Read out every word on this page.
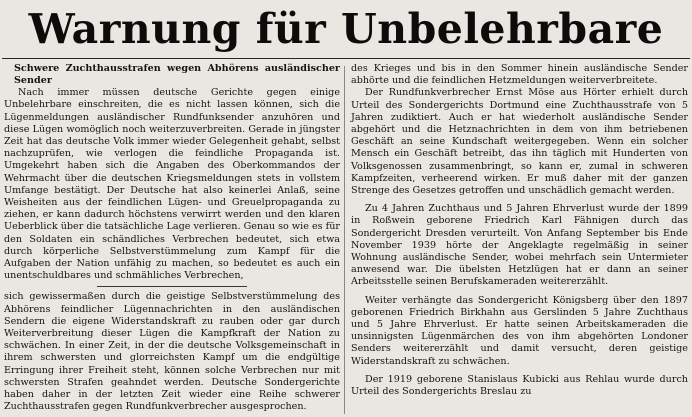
Warnung für Unbelehrbare
Schwere Zuchthausstrafen wegen Abhörens ausländischer Sender

Nach immer müssen deutsche Gerichte gegen einige Unbelehrbare einschreiten, die es nicht lassen können, sich die Lügenmeldungen ausländischer Rundfunksender anzuhören und diese Lügen womöglich noch weiterzuverbreiten. Gerade in jüngster Zeit hat das deutsche Volk immer wieder Gelegenheit gehabt, selbst nachzuprüfen, wie verlogen die feindliche Propaganda ist. Umgekehrt haben sich die Angaben des Oberkommandos der Wehrmacht über die deutschen Kriegsmeldungen stets in vollstem Umfange bestätigt. Der Deutsche hat also keinerlei Anlaß, seine Weisheiten aus der feindlichen Lügen- und Greuelpropaganda zu ziehen, er kann dadurch höchstens verwirrt werden und den klaren Ueberblick über die tatsächliche Lage verlieren. Genau so wie es für den Soldaten ein schändliches Verbrechen bedeutet, sich etwa durch körperliche Selbstverstümmelung zum Kampf für die Aufgaben der Nation unfähig zu machen, so bedeutet es auch ein unentschuldbares und schmähliches Verbrechen,

sich gewissermaßen durch die geistige Selbstverstümmelung des Abhörens feindlicher Lügennachrichten in den ausländischen Sendern die eigene Widerstandskraft zu rauben oder gar durch Weiterverbreitung dieser Lügen die Kampfkraft der Nation zu schwächen. In einer Zeit, in der die deutsche Volksgemeinschaft in ihrem schwersten und glorreichsten Kampf um die endgültige Erringung ihrer Freiheit steht, können solche Verbrechen nur mit schwersten Strafen geahndet werden. Deutsche Sondergerichte haben daher in der letzten Zeit wieder eine Reihe schwerer Zuchthausstrafen gegen Rundfunkverbrecher ausgesprochen.

des Krieges und bis in den Sommer hinein ausländische Sender abhörte und die feindlichen Hetzmeldungen weiterverbreitete.

Der Rundfunkverbrecher Ernst Möse aus Hörter erhielt durch Urteil des Sondergerichts Dortmund eine Zuchthausstrafe von 5 Jahren zudiktiert. Auch er hat wiederholt ausländische Sender abgehört und die Hetznachrichten in dem von ihm betriebenen Geschäft an seine Kundschaft weitergegeben. Wenn ein solcher Mensch ein Geschäft betreibt, das ihn täglich mit Hunderten von Volksgenossen zusammenbringt, so kann er, zumal in schweren Kampfzeiten, verheerend wirken. Er muß daher mit der ganzen Strenge des Gesetzes getroffen und unschädlich gemacht werden.

Zu 4 Jahren Zuchthaus und 5 Jahren Ehrverlust wurde der 1899 in Roßwein geborene Friedrich Karl Fähnigen durch das Sondergericht Dresden verurteilt. Von Anfang September bis Ende November 1939 hörte der Angeklagte regelmäßig in seiner Wohnung ausländische Sender, wobei mehrfach sein Untermieter anwesend war. Die übelsten Hetzlügen hat er dann an seiner Arbeitsstelle seinen Berufskameraden weitererzählt.

Weiter verhängte das Sondergericht Königsberg über den 1897 geborenen Friedrich Birkhahn aus Gerslinden 5 Jahre Zuchthaus und 5 Jahre Ehrverlust. Er hatte seinen Arbeitskameraden die unsinnigsten Lügenmärchen des von ihm abgehörten Londoner Senders weitererzählt und damit versucht, deren geistige Widerstandskraft zu schwächen.

Der 1919 geborene Stanislaus Kubicki aus Rehlau wurde durch Urteil des Sondergerichts Breslau zu
